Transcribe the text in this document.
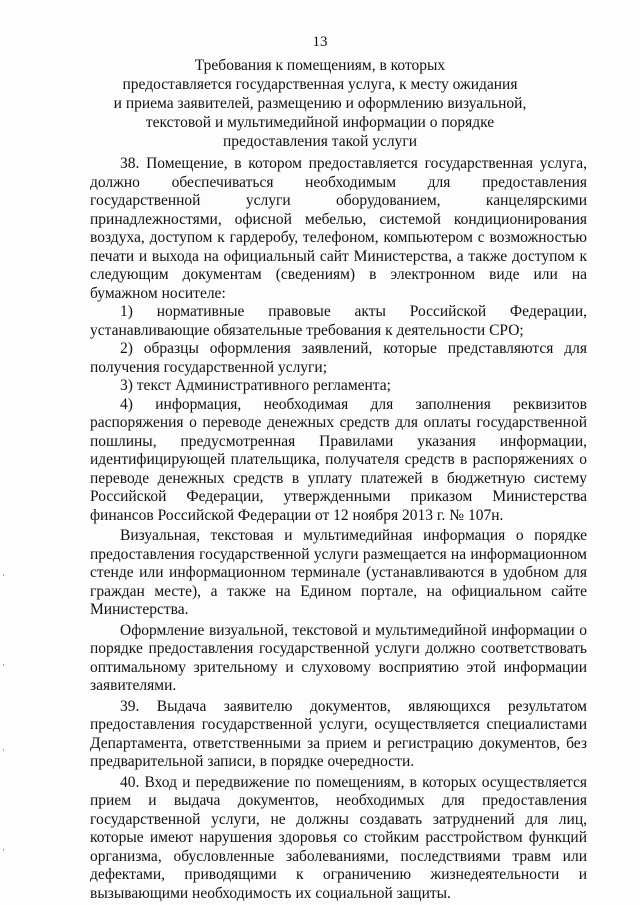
13
Требования к помещениям, в которых
предоставляется государственная услуга, к месту ожидания
и приема заявителей, размещению и оформлению визуальной,
текстовой и мультимедийной информации о порядке
предоставления такой услуги

38. Помещение, в котором предоставляется государственная услуга, должно обеспечиваться необходимым для предоставления государственной услуги оборудованием, канцелярскими принадлежностями, офисной мебелью, системой кондиционирования воздуха, доступом к гардеробу, телефоном, компьютером с возможностью печати и выхода на официальный сайт Министерства, а также доступом к следующим документам (сведениям) в электронном виде или на бумажном носителе:

1) нормативные правовые акты Российской Федерации, устанавливающие обязательные требования к деятельности СРО;

2) образцы оформления заявлений, которые представляются для получения государственной услуги;

3) текст Административного регламента;

4) информация, необходимая для заполнения реквизитов распоряжения о переводе денежных средств для оплаты государственной пошлины, предусмотренная Правилами указания информации, идентифицирующей плательщика, получателя средств в распоряжениях о переводе денежных средств в уплату платежей в бюджетную систему Российской Федерации, утвержденными приказом Министерства финансов Российской Федерации от 12 ноября 2013 г. № 107н.

Визуальная, текстовая и мультимедийная информация о порядке предоставления государственной услуги размещается на информационном стенде или информационном терминале (устанавливаются в удобном для граждан месте), а также на Едином портале, на официальном сайте Министерства.

Оформление визуальной, текстовой и мультимедийной информации о порядке предоставления государственной услуги должно соответствовать оптимальному зрительному и слуховому восприятию этой информации заявителями.

39. Выдача заявителю документов, являющихся результатом предоставления государственной услуги, осуществляется специалистами Департамента, ответственными за прием и регистрацию документов, без предварительной записи, в порядке очередности.

40. Вход и передвижение по помещениям, в которых осуществляется прием и выдача документов, необходимых для предоставления государственной услуги, не должны создавать затруднений для лиц, которые имеют нарушения здоровья со стойким расстройством функций организма, обусловленные заболеваниями, последствиями травм или дефектами, приводящими к ограничению жизнедеятельности и вызывающими необходимость их социальной защиты.

·
·
·
·
